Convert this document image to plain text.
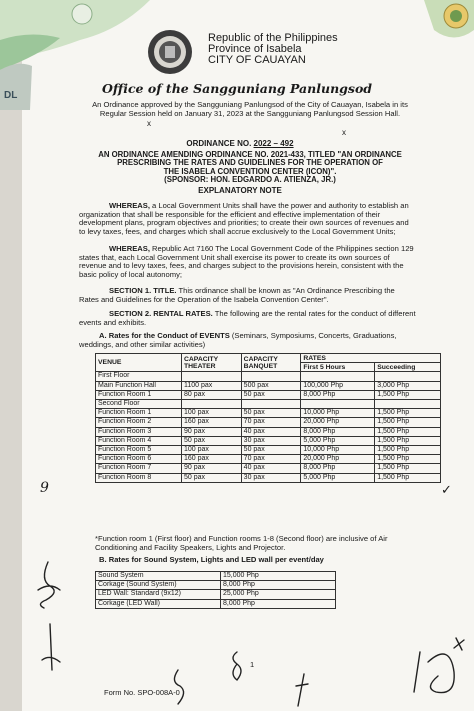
DL
Republic of the Philippines
Province of Isabela
CITY OF CAUAYAN
Office of the Sangguniang Panlungsod
An Ordinance approved by the Sangguniang Panlungsod of the City of Cauayan, Isabela in its
Regular Session held on January 31, 2023 at the Sangguniang Panlungsod Session Hall.
x
x
ORDINANCE NO. 2022 – 492
AN ORDINANCE AMENDING ORDINANCE NO. 2021-433, TITLED "AN ORDINANCE
PRESCRIBING THE RATES AND GUIDELINES FOR THE OPERATION OF
THE ISABELA CONVENTION CENTER (ICON)".
(SPONSOR: HON. EDGARDO A. ATIENZA, JR.)
EXPLANATORY NOTE
WHEREAS, a Local Government Units shall have the power and authority to establish an
organization that shall be responsible for the efficient and effective implementation of their
development plans, program objectives and priorities; to create their own sources of revenues and
to levy taxes, fees, and charges which shall accrue exclusively to the Local Government Units;
WHEREAS, Republic Act 7160 The Local Government Code of the Philippines section 129
states that, each Local Government Unit shall exercise its power to create its own sources of
revenue and to levy taxes, fees, and charges subject to the provisions herein, consistent with the
basic policy of local autonomy;
SECTION 1. TITLE. This ordinance shall be known as "An Ordinance Prescribing the
Rates and Guidelines for the Operation of the Isabela Convention Center".
SECTION 2. RENTAL RATES. The following are the rental rates for the conduct of different
events and exhibits.
A. Rates for the Conduct of EVENTS (Seminars, Symposiums, Concerts, Graduations,
weddings, and other similar activities)
VENUE	CAPACITY THEATER	CAPACITY BANQUET	RATES	
			First 5 Hours	Succeeding
First Floor				
Main Function Hall	1100 pax	500 pax	100,000 Php	3,000 Php
Function Room 1	80 pax	50 pax	8,000 Php	1,500 Php
Second Floor				
Function Room 1	100 pax	50 pax	10,000 Php	1,500 Php
Function Room 2	160 pax	70 pax	20,000 Php	1,500 Php
Function Room 3	90 pax	40 pax	8,000 Php	1,500 Php
Function Room 4	50 pax	30 pax	5,000 Php	1,500 Php
Function Room 5	100 pax	50 pax	10,000 Php	1,500 Php
Function Room 6	160 pax	70 pax	20,000 Php	1,500 Php
Function Room 7	90 pax	40 pax	8,000 Php	1,500 Php
Function Room 8	50 pax	30 pax	5,000 Php	1,500 Php
*Function room 1 (First floor) and Function rooms 1-8 (Second floor) are inclusive of Air
Conditioning and Facility Speakers, Lights and Projector.
B. Rates for Sound System, Lights and LED wall per event/day
Sound System	15,000 Php
Corkage (Sound System)	8,000 Php
LED Wall: Standard (9x12)	25,000 Php
Corkage (LED Wall)	8,000 Php
9	✓
1
Form No. SPO-008A-0
